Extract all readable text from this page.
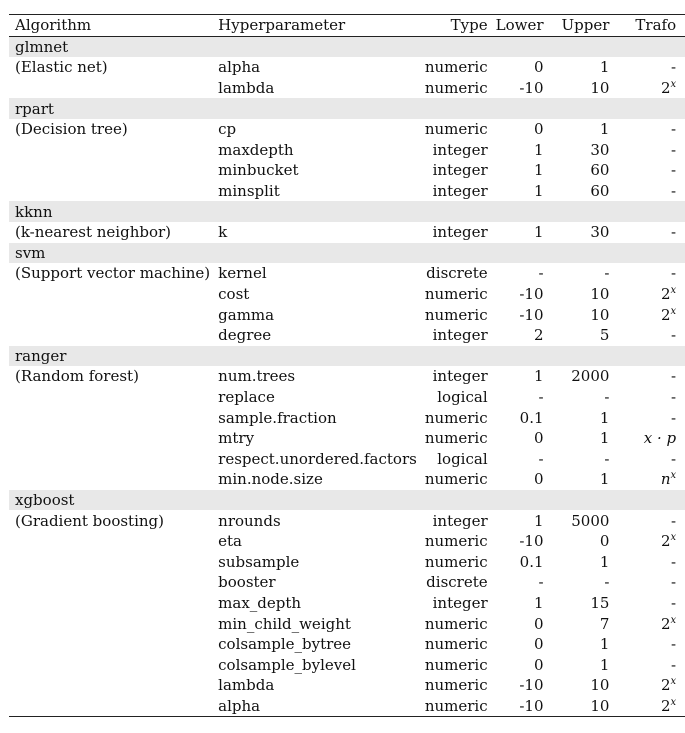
Algorithm	Hyperparameter	Type	Lower	Upper	Trafo
glmnet					
(Elastic net)	alpha	numeric	0	1	-
	lambda	numeric	-10	10	2$^x$
rpart					
(Decision tree)	cp	numeric	0	1	-
	maxdepth	integer	1	30	-
	minbucket	integer	1	60	-
	minsplit	integer	1	60	-
kknn					
(k-nearest neighbor)	k	integer	1	30	-
svm					
(Support vector machine)	kernel	discrete	-	-	-
	cost	numeric	-10	10	2$^x$
	gamma	numeric	-10	10	2$^x$
	degree	integer	2	5	-
ranger					
(Random forest)	num.trees	integer	1	2000	-
	replace	logical	-	-	-
	sample.fraction	numeric	0.1	1	-
	mtry	numeric	0	1	x · p
	respect.unordered.factors	logical	-	-	-
	min.node.size	numeric	0	1	$n^x$
xgboost					
(Gradient boosting)	nrounds	integer	1	5000	-
	eta	numeric	-10	0	2$^x$
	subsample	numeric	0.1	1	-
	booster	discrete	-	-	-
	max_depth	integer	1	15	-
	min_child_weight	numeric	0	7	2$^x$
	colsample_bytree	numeric	0	1	-
	colsample_bylevel	numeric	0	1	-
	lambda	numeric	-10	10	2$^x$
	alpha	numeric	-10	10	2$^x$
